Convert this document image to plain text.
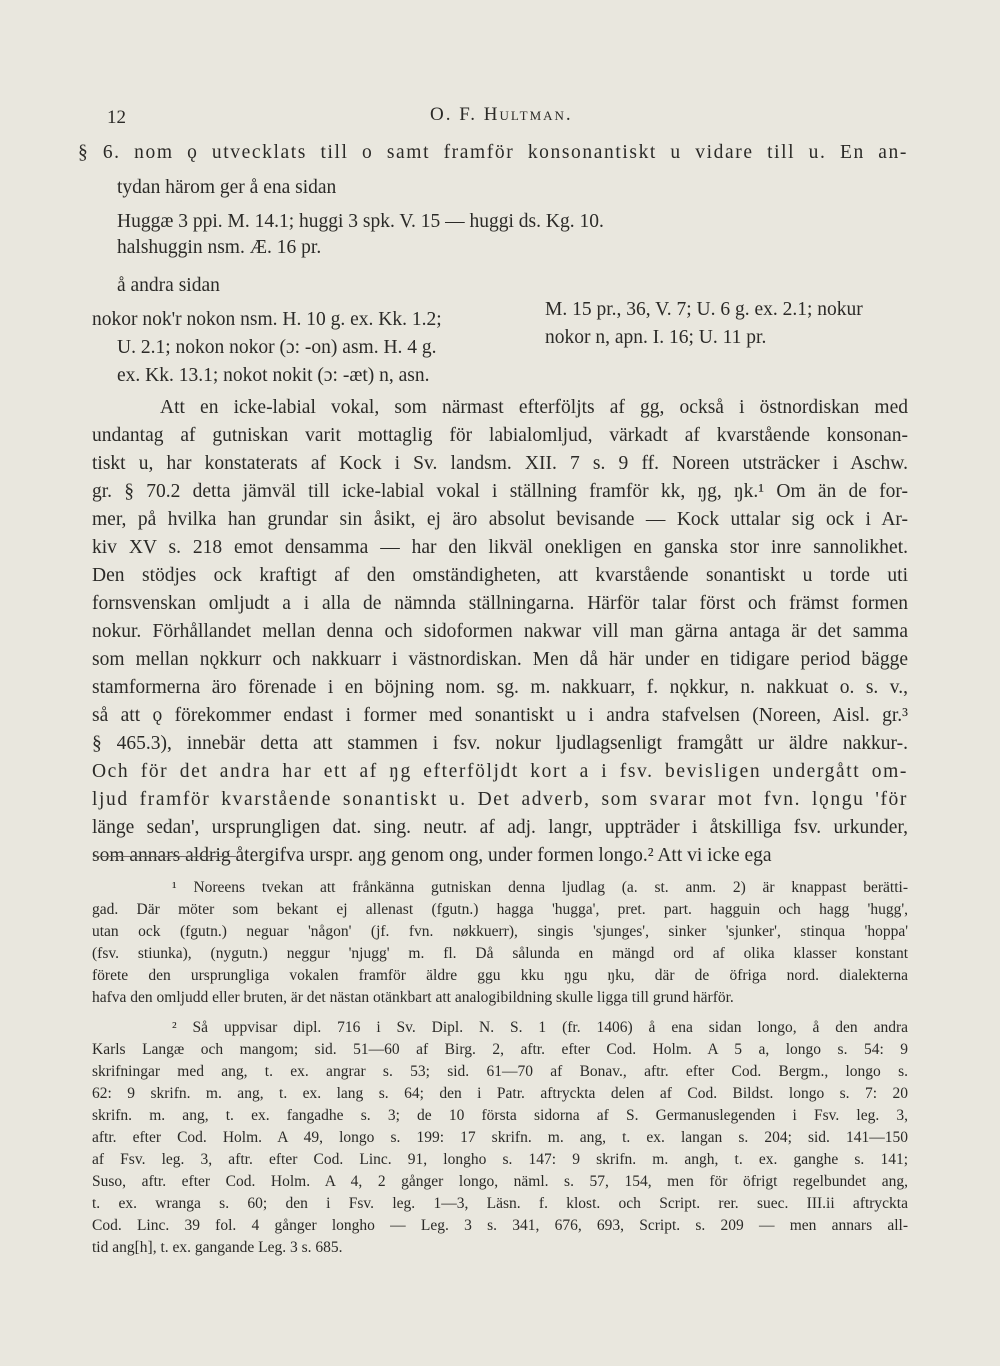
12	O. F. Hultman.
§ 6. nom ǫ utvecklats till o samt framför konsonantiskt u vidare till u. En an-
tydan härom ger å ena sidan
Huggæ 3 ppi. M. 14.1; huggi 3 spk. V. 15 — huggi ds. Kg. 10.
halshuggin nsm. Æ. 16 pr.
å andra sidan
nokor nok'r nokon nsm. H. 10 g. ex. Kk. 1.2;
U. 2.1; nokon nokor (ɔ: -on) asm. H. 4 g.
ex. Kk. 13.1; nokot nokit (ɔ: -æt) n, asn.
M. 15 pr., 36, V. 7; U. 6 g. ex. 2.1; nokur
nokor n, apn. I. 16; U. 11 pr.
Att en icke-labial vokal, som närmast efterföljts af gg, också i östnordiskan med
undantag af gutniskan varit mottaglig för labialomljud, värkadt af kvarstående konsonan-
tiskt u, har konstaterats af Kock i Sv. landsm. XII. 7 s. 9 ff. Noreen utsträcker i Aschw.
gr. § 70.2 detta jämväl till icke-labial vokal i ställning framför kk, ŋg, ŋk.¹ Om än de for-
mer, på hvilka han grundar sin åsikt, ej äro absolut bevisande — Kock uttalar sig ock i Ar-
kiv XV s. 218 emot densamma — har den likväl onekligen en ganska stor inre sannolikhet.
Den stödjes ock kraftigt af den omständigheten, att kvarstående sonantiskt u torde uti
fornsvenskan omljudt a i alla de nämnda ställningarna. Härför talar först och främst formen
nokur. Förhållandet mellan denna och sidoformen nakwar vill man gärna antaga är det samma
som mellan nǫkkurr och nakkuarr i västnordiskan. Men då här under en tidigare period bägge
stamformerna äro förenade i en böjning nom. sg. m. nakkuarr, f. nǫkkur, n. nakkuat o. s. v.,
så att ǫ förekommer endast i former med sonantiskt u i andra stafvelsen (Noreen, Aisl. gr.³
§ 465.3), innebär detta att stammen i fsv. nokur ljudlagsenligt framgått ur äldre nakkur-.
Och för det andra har ett af ŋg efterföljdt kort a i fsv. bevisligen undergått om-
ljud framför kvarstående sonantiskt u. Det adverb, som svarar mot fvn. lǫngu 'för
länge sedan', ursprungligen dat. sing. neutr. af adj. langr, uppträder i åtskilliga fsv. urkunder,
som annars aldrig återgifva urspr. aŋg genom ong, under formen longo.² Att vi icke ega
¹ Noreens tvekan att frånkänna gutniskan denna ljudlag (a. st. anm. 2) är knappast berätti-
gad. Där möter som bekant ej allenast (fgutn.) hagga 'hugga', pret. part. hagguin och hagg 'hugg',
utan ock (fgutn.) neguar 'någon' (jf. fvn. nøkkuerr), singis 'sjunges', sinker 'sjunker', stinqua 'hoppa'
(fsv. stiunka), (nygutn.) neggur 'njugg' m. fl. Då sålunda en mängd ord af olika klasser konstant
förete den ursprungliga vokalen framför äldre ggu kku ŋgu ŋku, där de öfriga nord. dialekterna
hafva den omljudd eller bruten, är det nästan otänkbart att analogibildning skulle ligga till grund härför.
² Så uppvisar dipl. 716 i Sv. Dipl. N. S. 1 (fr. 1406) å ena sidan longo, å den andra
Karls Langæ och mangom; sid. 51—60 af Birg. 2, aftr. efter Cod. Holm. A 5 a, longo s. 54: 9
skrifningar med ang, t. ex. angrar s. 53; sid. 61—70 af Bonav., aftr. efter Cod. Bergm., longo s.
62: 9 skrifn. m. ang, t. ex. lang s. 64; den i Patr. aftryckta delen af Cod. Bildst. longo s. 7: 20
skrifn. m. ang, t. ex. fangadhe s. 3; de 10 första sidorna af S. Germanuslegenden i Fsv. leg. 3,
aftr. efter Cod. Holm. A 49, longo s. 199: 17 skrifn. m. ang, t. ex. langan s. 204; sid. 141—150
af Fsv. leg. 3, aftr. efter Cod. Linc. 91, longho s. 147: 9 skrifn. m. angh, t. ex. ganghe s. 141;
Suso, aftr. efter Cod. Holm. A 4, 2 gånger longo, näml. s. 57, 154, men för öfrigt regelbundet ang,
t. ex. wranga s. 60; den i Fsv. leg. 1—3, Läsn. f. klost. och Script. rer. suec. III.ii aftryckta
Cod. Linc. 39 fol. 4 gånger longho — Leg. 3 s. 341, 676, 693, Script. s. 209 — men annars all-
tid ang[h], t. ex. gangande Leg. 3 s. 685.
